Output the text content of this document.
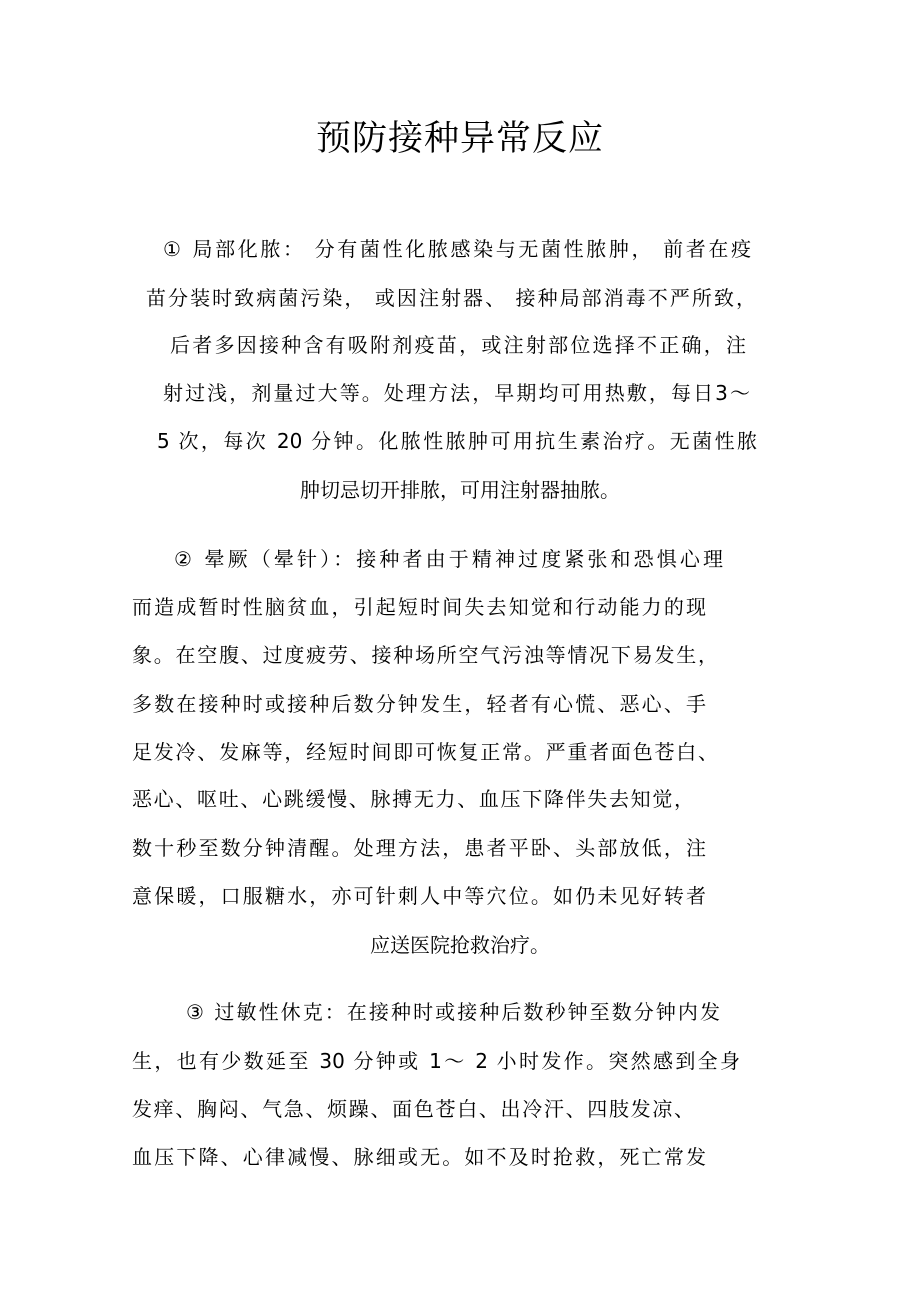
预防接种异常反应
① 局部化脓： 分有菌性化脓感染与无菌性脓肿， 前者在疫
苗分装时致病菌污染， 或因注射器、 接种局部消毒不严所致，
后者多因接种含有吸附剂疫苗，或注射部位选择不正确，注
射过浅，剂量过大等。处理方法，早期均可用热敷，每日3～
5 次，每次 20 分钟。化脓性脓肿可用抗生素治疗。无菌性脓
肿切忌切开排脓，可用注射器抽脓。
② 晕厥（晕针）：接种者由于精神过度紧张和恐惧心理
而造成暂时性脑贫血，引起短时间失去知觉和行动能力的现
象。在空腹、过度疲劳、接种场所空气污浊等情况下易发生，
多数在接种时或接种后数分钟发生，轻者有心慌、恶心、手
足发冷、发麻等，经短时间即可恢复正常。严重者面色苍白、
恶心、呕吐、心跳缓慢、脉搏无力、血压下降伴失去知觉，
数十秒至数分钟清醒。处理方法，患者平卧、头部放低，注
意保暖，口服糖水，亦可针刺人中等穴位。如仍未见好转者
应送医院抢救治疗。
③ 过敏性休克：在接种时或接种后数秒钟至数分钟内发
生，也有少数延至 30 分钟或 1～ 2 小时发作。突然感到全身
发痒、胸闷、气急、烦躁、面色苍白、出冷汗、四肢发凉、
血压下降、心律减慢、脉细或无。如不及时抢救，死亡常发
